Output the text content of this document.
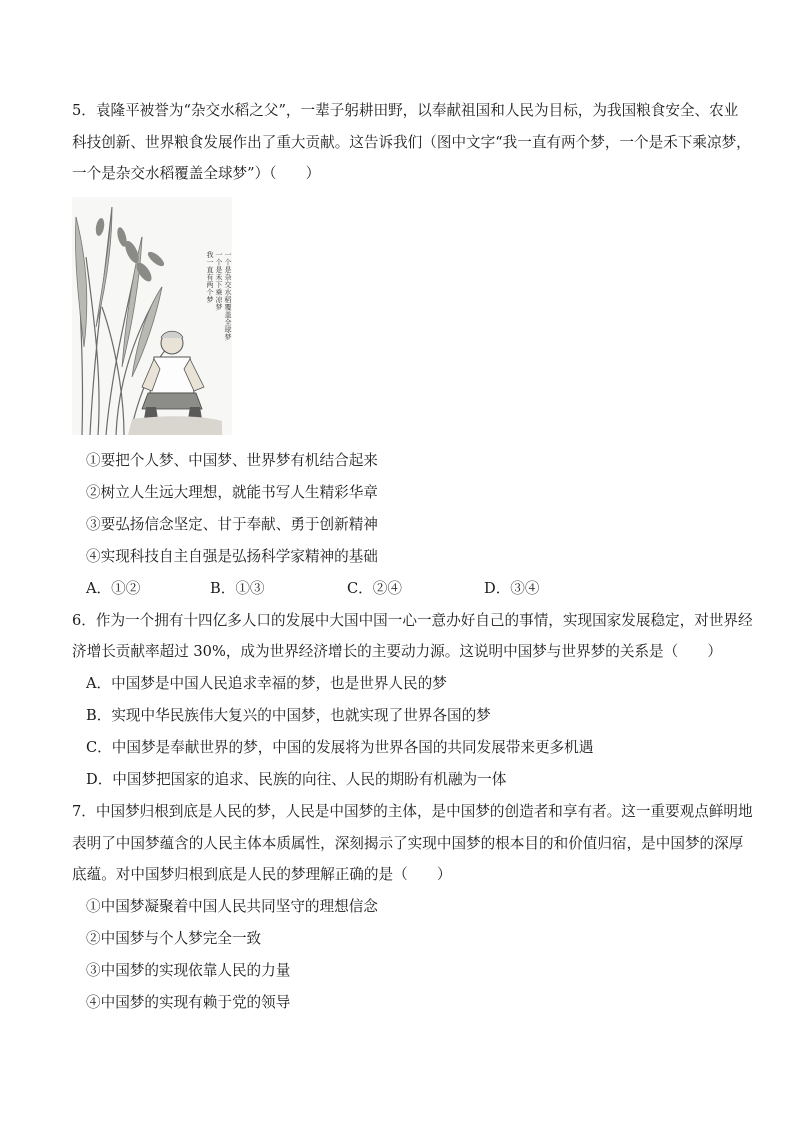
5．袁隆平被誉为“杂交水稻之父”，一辈子躬耕田野，以奉献祖国和人民为目标，为我国粮食安全、农业
科技创新、世界粮食发展作出了重大贡献。这告诉我们（图中文字“我一直有两个梦，一个是禾下乘凉梦，
一个是杂交水稻覆盖全球梦”）（　　）
我一直有两个梦 一个是禾下乘凉梦 一个是杂交水稻覆盖全球梦
①要把个人梦、中国梦、世界梦有机结合起来
②树立人生远大理想，就能书写人生精彩华章
③要弘扬信念坚定、甘于奉献、勇于创新精神
④实现科技自主自强是弘扬科学家精神的基础
A．①②	B．①③	C．②④	D．③④
6．作为一个拥有十四亿多人口的发展中大国中国一心一意办好自己的事情，实现国家发展稳定，对世界经
济增长贡献率超过 30%，成为世界经济增长的主要动力源。这说明中国梦与世界梦的关系是（　　）
A．中国梦是中国人民追求幸福的梦，也是世界人民的梦
B．实现中华民族伟大复兴的中国梦，也就实现了世界各国的梦
C．中国梦是奉献世界的梦，中国的发展将为世界各国的共同发展带来更多机遇
D．中国梦把国家的追求、民族的向往、人民的期盼有机融为一体
7．中国梦归根到底是人民的梦，人民是中国梦的主体，是中国梦的创造者和享有者。这一重要观点鲜明地
表明了中国梦蕴含的人民主体本质属性，深刻揭示了实现中国梦的根本目的和价值归宿，是中国梦的深厚
底蕴。对中国梦归根到底是人民的梦理解正确的是（　　）
①中国梦凝聚着中国人民共同坚守的理想信念
②中国梦与个人梦完全一致
③中国梦的实现依靠人民的力量
④中国梦的实现有赖于党的领导
